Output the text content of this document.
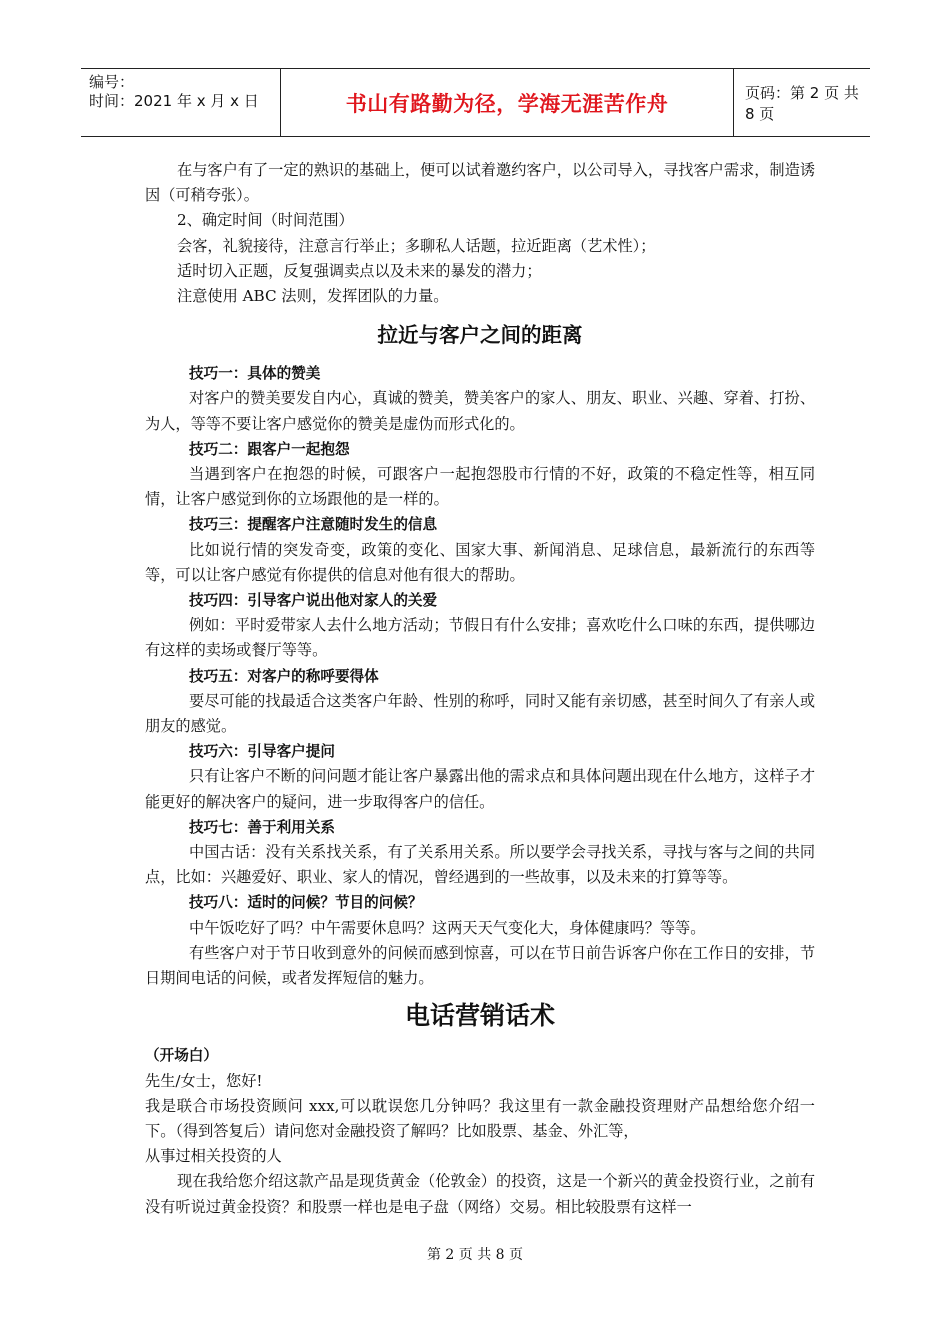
编号：
时间：2021 年 x 月 x 日	书山有路勤为径，学海无涯苦作舟	页码：第 2 页 共 8 页

在与客户有了一定的熟识的基础上，便可以试着邀约客户，以公司导入，寻找客户需求，制造诱因（可稍夸张）。

2、确定时间（时间范围）

会客，礼貌接待，注意言行举止；多聊私人话题，拉近距离（艺术性）；

适时切入正题，反复强调卖点以及未来的暴发的潜力；

注意使用 ABC 法则，发挥团队的力量。

拉近与客户之间的距离
技巧一：具体的赞美

对客户的赞美要发自内心，真诚的赞美，赞美客户的家人、朋友、职业、兴趣、穿着、打扮、为人，等等不要让客户感觉你的赞美是虚伪而形式化的。

技巧二：跟客户一起抱怨

当遇到客户在抱怨的时候，可跟客户一起抱怨股市行情的不好，政策的不稳定性等，相互同情，让客户感觉到你的立场跟他的是一样的。

技巧三：提醒客户注意随时发生的信息

比如说行情的突发奇变，政策的变化、国家大事、新闻消息、足球信息，最新流行的东西等等，可以让客户感觉有你提供的信息对他有很大的帮助。

技巧四：引导客户说出他对家人的关爱

例如：平时爱带家人去什么地方活动；节假日有什么安排；喜欢吃什么口味的东西，提供哪边有这样的卖场或餐厅等等。

技巧五：对客户的称呼要得体

要尽可能的找最适合这类客户年龄、性别的称呼，同时又能有亲切感，甚至时间久了有亲人或朋友的感觉。

技巧六：引导客户提问

只有让客户不断的问问题才能让客户暴露出他的需求点和具体问题出现在什么地方，这样子才能更好的解决客户的疑问，进一步取得客户的信任。

技巧七：善于利用关系

中国古话：没有关系找关系，有了关系用关系。所以要学会寻找关系，寻找与客与之间的共同点，比如：兴趣爱好、职业、家人的情况，曾经遇到的一些故事，以及未来的打算等等。

技巧八：适时的问候？节目的问候？

中午饭吃好了吗？中午需要休息吗？这两天天气变化大，身体健康吗？等等。

有些客户对于节日收到意外的问候而感到惊喜，可以在节日前告诉客户你在工作日的安排，节日期间电话的问候，或者发挥短信的魅力。

电话营销话术
（开场白）

先生/女士，您好!

我是联合市场投资顾问 xxx,可以耽误您几分钟吗？我这里有一款金融投资理财产品想给您介绍一下。（得到答复后）请问您对金融投资了解吗？比如股票、基金、外汇等，

从事过相关投资的人

现在我给您介绍这款产品是现货黄金（伦敦金）的投资，这是一个新兴的黄金投资行业，之前有没有听说过黄金投资？和股票一样也是电子盘（网络）交易。相比较股票有这样一

第 2 页 共 8 页
